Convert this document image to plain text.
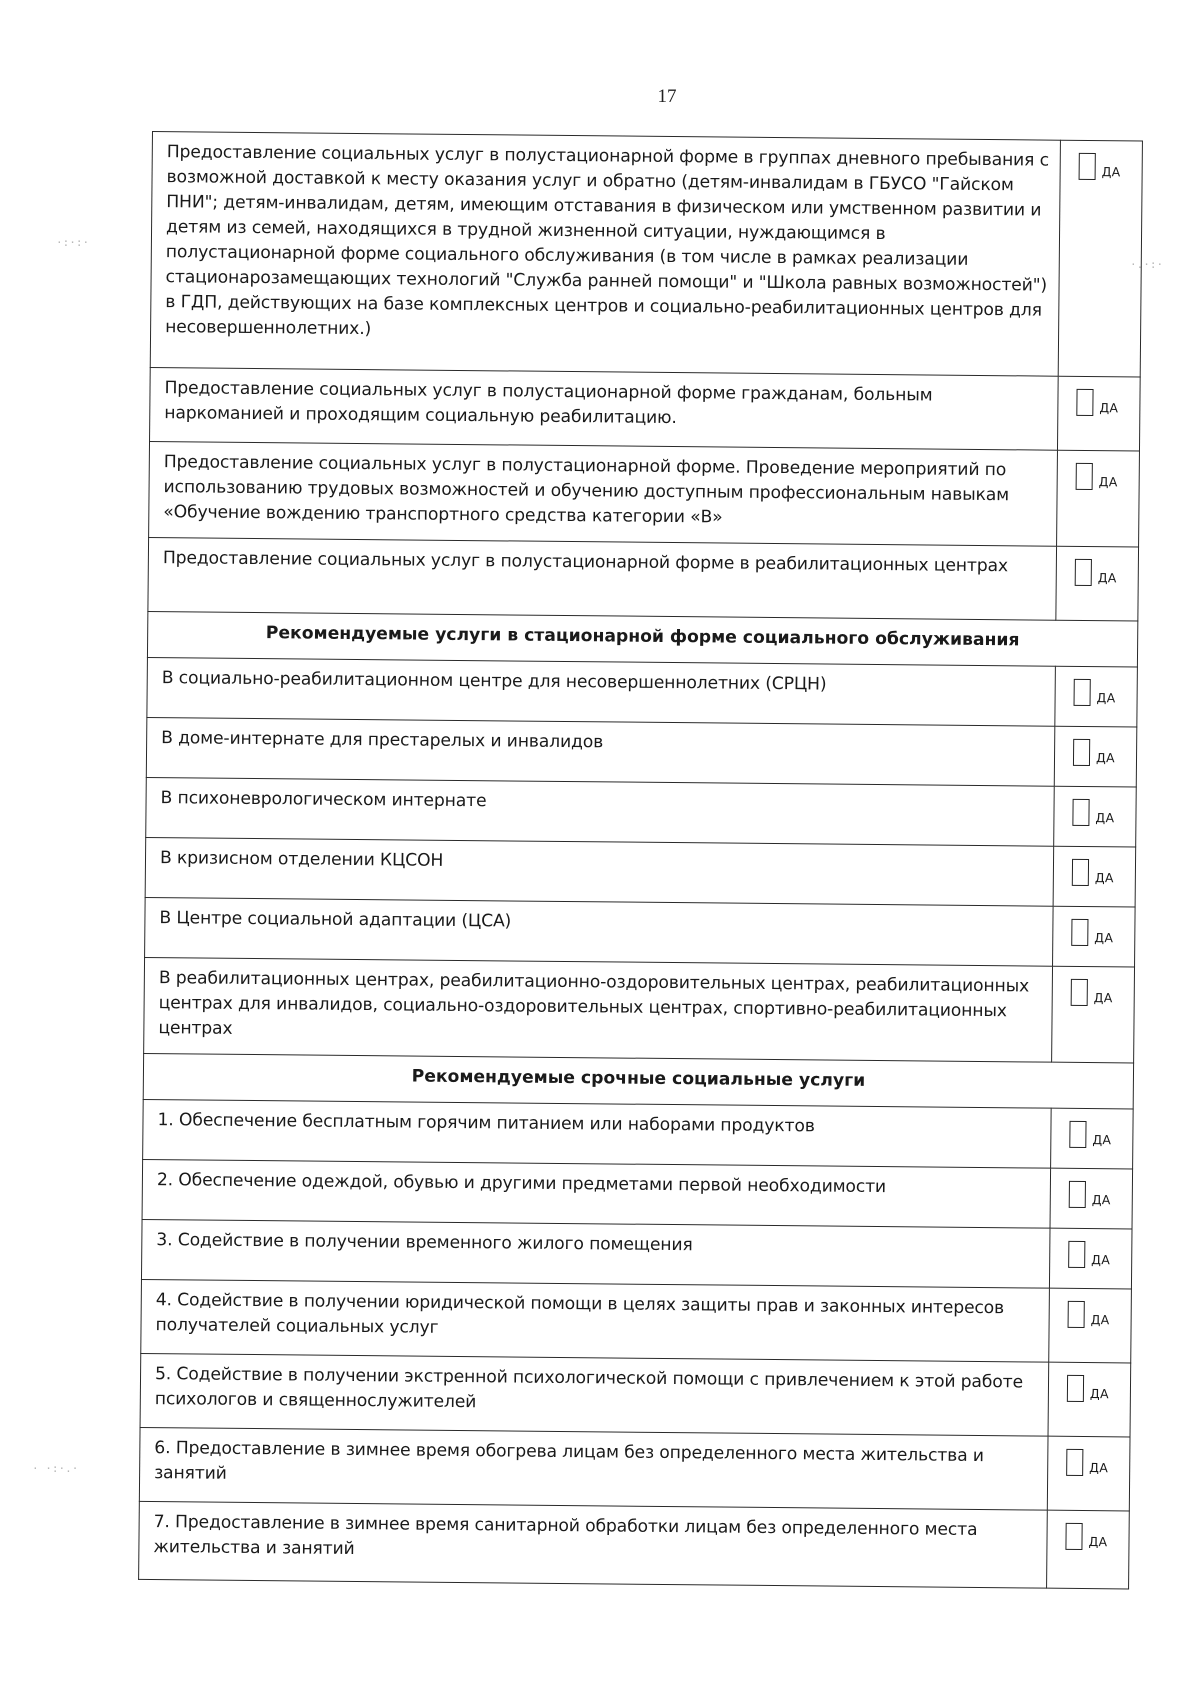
17
·:·:·
·.·:·
· ·:·.·
Предоставление социальных услуг в полустационарной форме в группах дневного пребывания с возможной доставкой к месту оказания услуг и обратно (детям-инвалидам в ГБУСО "Гайском ПНИ"; детям-инвалидам, детям, имеющим отставания в физическом или умственном развитии и детям из семей, находящихся в трудной жизненной ситуации, нуждающимся в полустационарной форме социального обслуживания (в том числе в рамках реализации стационарозамещающих технологий "Служба ранней помощи" и "Школа равных возможностей") в ГДП, действующих на базе комплексных центров и социально-реабилитационных центров для несовершеннолетних.)	ДА

Предоставление социальных услуг в полустационарной форме гражданам, больным наркоманией и проходящим социальную реабилитацию.	ДА

Предоставление социальных услуг в полустационарной форме. Проведение мероприятий по использованию трудовых возможностей и обучению доступным профессиональным навыкам «Обучение вождению транспортного средства категории «В»	ДА

Предоставление социальных услуг в полустационарной форме в реабилитационных центрах	ДА

Рекомендуемые услуги в стационарной форме социального обслуживания	
В социально-реабилитационном центре для несовершеннолетних (СРЦН)	ДА

В доме-интернате для престарелых и инвалидов	ДА

В психоневрологическом интернате	ДА

В кризисном отделении КЦСОН	ДА

В Центре социальной адаптации (ЦСА)	ДА

В реабилитационных центрах, реабилитационно-оздоровительных центрах, реабилитационных центрах для инвалидов, социально-оздоровительных центрах, спортивно-реабилитационных центрах	ДА

Рекомендуемые срочные социальные услуги	
1. Обеспечение бесплатным горячим питанием или наборами продуктов	ДА

2. Обеспечение одеждой, обувью и другими предметами первой необходимости	ДА

3. Содействие в получении временного жилого помещения	ДА

4. Содействие в получении юридической помощи в целях защиты прав и законных интересов получателей социальных услуг	ДА

5. Содействие в получении экстренной психологической помощи с привлечением к этой работе психологов и священнослужителей	ДА

6. Предоставление в зимнее время обогрева лицам без определенного места жительства и занятий	ДА

7. Предоставление в зимнее время санитарной обработки лицам без определенного места жительства и занятий	ДА
